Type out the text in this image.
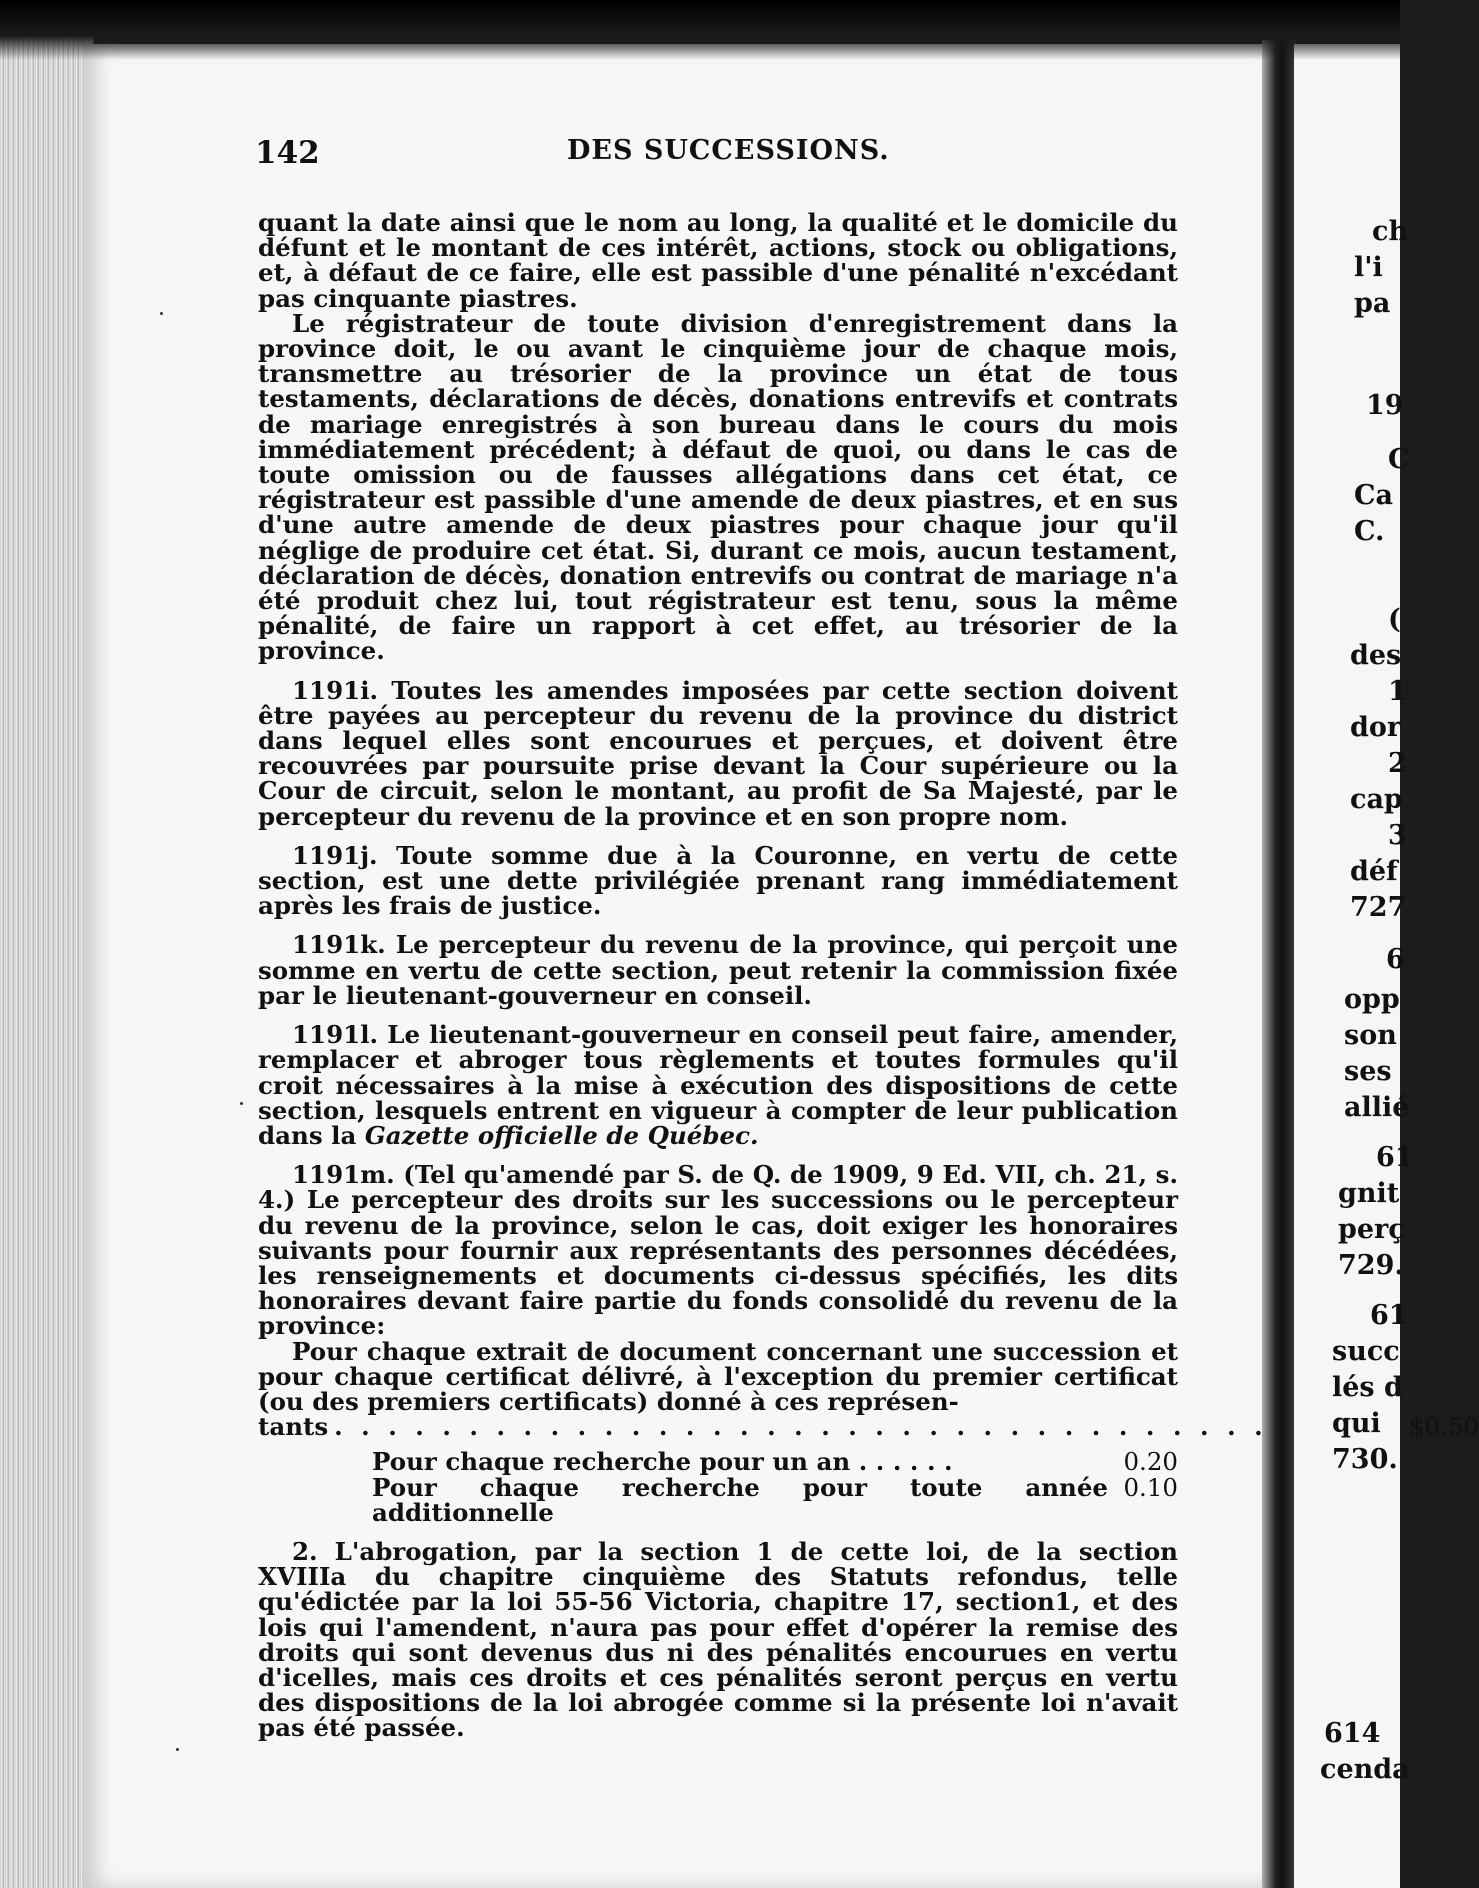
142	DES SUCCESSIONS.

quant la date ainsi que le nom au long, la qualité et le domicile du défunt et le montant de ces intérêt, actions, stock ou obligations, et, à défaut de ce faire, elle est passible d'une pénalité n'excédant pas cinquante piastres.

Le régistrateur de toute division d'enregistrement dans la province doit, le ou avant le cinquième jour de chaque mois, transmettre au trésorier de la province un état de tous testaments, déclarations de décès, donations entrevifs et contrats de mariage enregistrés à son bureau dans le cours du mois immédiatement précédent; à défaut de quoi, ou dans le cas de toute omission ou de fausses allégations dans cet état, ce régistrateur est passible d'une amende de deux piastres, et en sus d'une autre amende de deux piastres pour chaque jour qu'il néglige de produire cet état. Si, durant ce mois, aucun testament, déclaration de décès, donation entrevifs ou contrat de mariage n'a été produit chez lui, tout régistrateur est tenu, sous la même pénalité, de faire un rapport à cet effet, au trésorier de la province.

1191i. Toutes les amendes imposées par cette section doivent être payées au percepteur du revenu de la province du district dans lequel elles sont encourues et perçues, et doivent être recouvrées par poursuite prise devant la Cour supérieure ou la Cour de circuit, selon le montant, au profit de Sa Majesté, par le percepteur du revenu de la province et en son propre nom.

1191j. Toute somme due à la Couronne, en vertu de cette section, est une dette privilégiée prenant rang immédiatement après les frais de justice.

1191k. Le percepteur du revenu de la province, qui perçoit une somme en vertu de cette section, peut retenir la commission fixée par le lieutenant-gouverneur en conseil.

1191l. Le lieutenant-gouverneur en conseil peut faire, amender, remplacer et abroger tous règlements et toutes formules qu'il croit nécessaires à la mise à exécution des dispositions de cette section, lesquels entrent en vigueur à compter de leur publication dans la Gazette officielle de Québec.

1191m. (Tel qu'amendé par S. de Q. de 1909, 9 Ed. VII, ch. 21, s. 4.) Le percepteur des droits sur les successions ou le percepteur du revenu de la province, selon le cas, doit exiger les honoraires suivants pour fournir aux représentants des personnes décédées, les renseignements et documents ci-dessus spécifiés, les dits honoraires devant faire partie du fonds consolidé du revenu de la province:

Pour chaque extrait de document concernant une succession et pour chaque certificat délivré, à l'exception du premier certificat (ou des premiers certificats) donné à ces représen-

tants
. . .	$0.50
Pour chaque recherche pour un an . . . . . .	0.20
Pour chaque recherche pour toute année additionnelle
0.10

2. L'abrogation, par la section 1 de cette loi, de la section XVIIIa du chapitre cinquième des Statuts refondus, telle qu'édictée par la loi 55-56 Victoria, chapitre 17, section1, et des lois qui l'amendent, n'aura pas pour effet d'opérer la remise des droits qui sont devenus dus ni des pénalités encourues en vertu d'icelles, mais ces droits et ces pénalités seront perçus en vertu des dispositions de la loi abrogée comme si la présente loi n'avait pas été passée.

ch
l'i
pa
19
C
Ca
C.
(
des
1
dor
2
cap
3
déf
727
6
opp
son
ses
allié
61
gnit
perç
729.
61
succ
lés d
qui
730.
614
cenda
